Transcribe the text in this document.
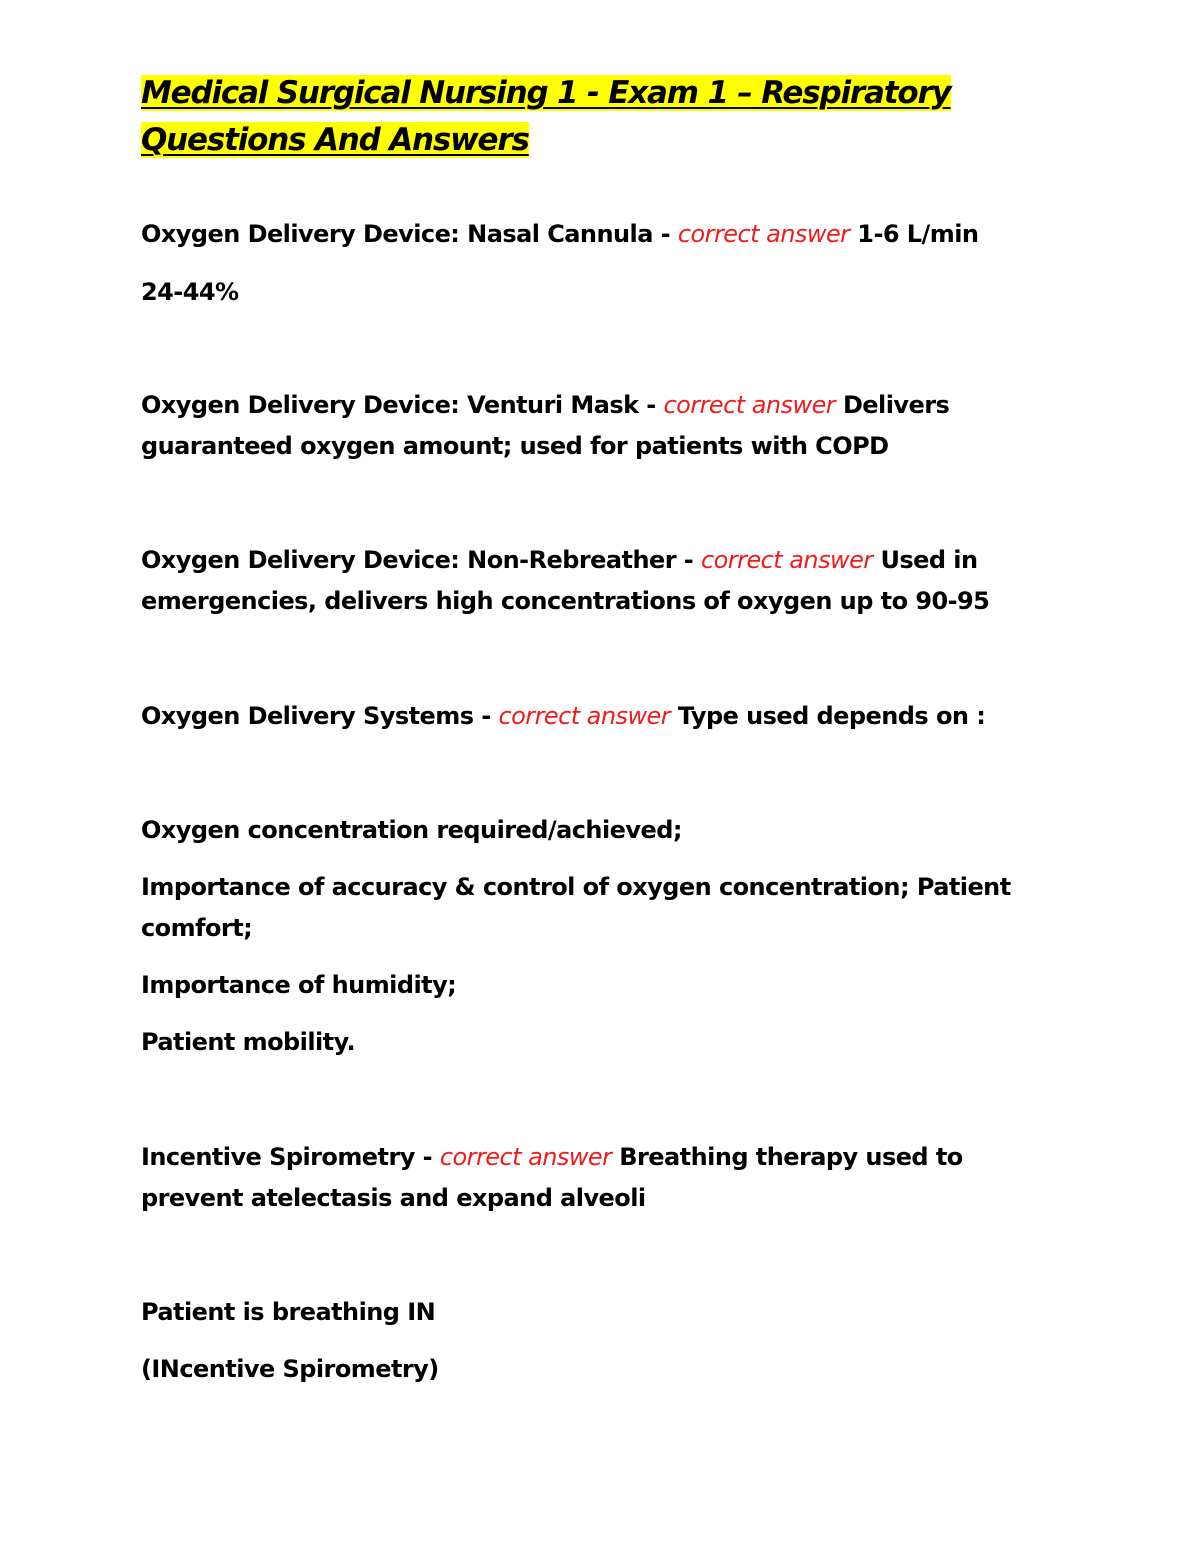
Medical Surgical Nursing 1 - Exam 1 – Respiratory
Questions And Answers

Oxygen Delivery Device: Nasal Cannula - correct answer 1-6 L/min

24-44%

Oxygen Delivery Device: Venturi Mask - correct answer Delivers

guaranteed oxygen amount; used for patients with COPD

Oxygen Delivery Device: Non-Rebreather - correct answer Used in

emergencies, delivers high concentrations of oxygen up to 90-95

Oxygen Delivery Systems - correct answer Type used depends on :

Oxygen concentration required/achieved;

Importance of accuracy & control of oxygen concentration; Patient

comfort;

Importance of humidity;

Patient mobility.

Incentive Spirometry - correct answer Breathing therapy used to

prevent atelectasis and expand alveoli

Patient is breathing IN

(INcentive Spirometry)
